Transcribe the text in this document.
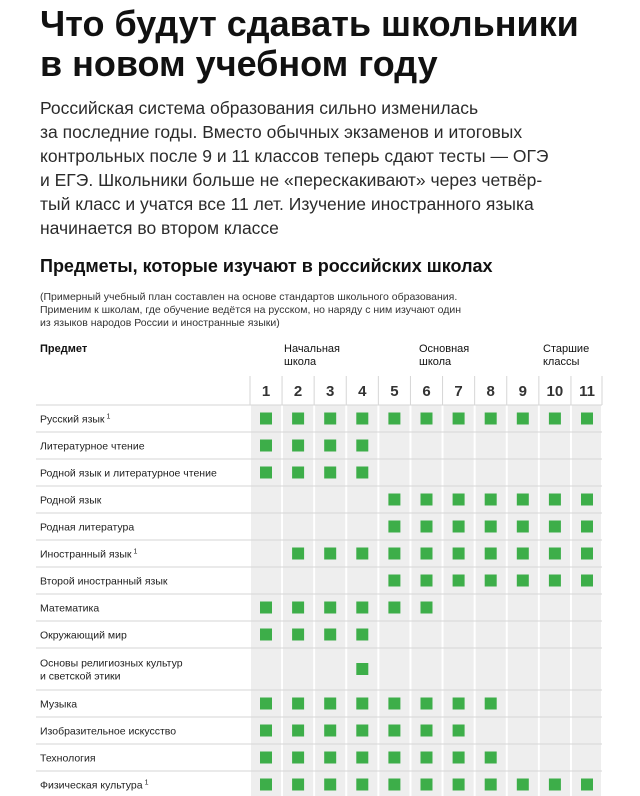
Что будут сдавать школьники
в новом учебном году
Российская система образования сильно изменилась
за последние годы. Вместо обычных экзаменов и итоговых
контрольных после 9 и 11 классов теперь сдают тесты — ОГЭ
и ЕГЭ. Школьники больше не «перескакивают» через четвёр-
тый класс и учатся все 11 лет. Изучение иностранного языка
начинается во втором классе
Предметы, которые изучают в российских школах
(Примерный учебный план составлен на основе стандартов школьного образования.
Применим к школам, где обучение ведётся на русском, но наряду с ним изучают один
из языков народов России и иностранные языки)
Предмет	Начальная
школа
Основная
школа
Старшие
классы
1 2 3 4 5 6 7 8 9 10 11
Русский язык $^1$
Литературное чтение
Родной язык и литературное чтение
Родной язык
Родная литература
Иностранный язык $^1$
Второй иностранный язык
Математика
Окружающий мир
Основы религиозных культур
и светской этики
Музыка
Изобразительное искусство
Технология
Физическая культура $^1$
